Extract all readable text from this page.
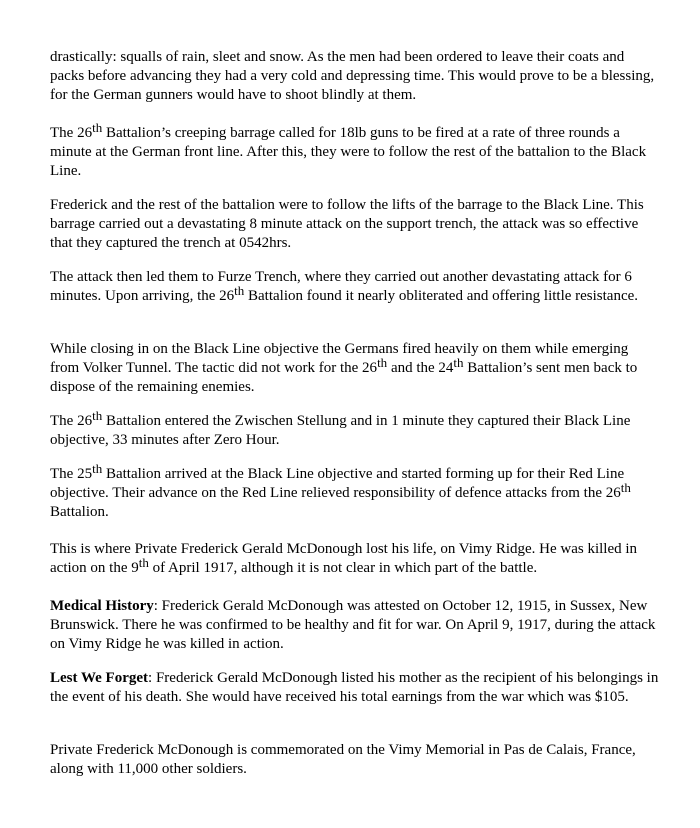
drastically: squalls of rain, sleet and snow. As the men had been ordered to leave their coats and packs before advancing they had a very cold and depressing time. This would prove to be a blessing, for the German gunners would have to shoot blindly at them.

The 26th Battalion’s creeping barrage called for 18lb guns to be fired at a rate of three rounds a minute at the German front line. After this, they were to follow the rest of the battalion to the Black Line.

Frederick and the rest of the battalion were to follow the lifts of the barrage to the Black Line. This barrage carried out a devastating 8 minute attack on the support trench, the attack was so effective that they captured the trench at 0542hrs.

The attack then led them to Furze Trench, where they carried out another devastating attack for 6 minutes. Upon arriving, the 26th Battalion found it nearly obliterated and offering little resistance.

While closing in on the Black Line objective the Germans fired heavily on them while emerging from Volker Tunnel. The tactic did not work for the 26th and the 24th Battalion’s sent men back to dispose of the remaining enemies.

The 26th Battalion entered the Zwischen Stellung and in 1 minute they captured their Black Line objective, 33 minutes after Zero Hour.

The 25th Battalion arrived at the Black Line objective and started forming up for their Red Line objective. Their advance on the Red Line relieved responsibility of defence attacks from the 26th Battalion.

This is where Private Frederick Gerald McDonough lost his life, on Vimy Ridge. He was killed in action on the 9th of April 1917, although it is not clear in which part of the battle.

Medical History: Frederick Gerald McDonough was attested on October 12, 1915, in Sussex, New Brunswick. There he was confirmed to be healthy and fit for war. On April 9, 1917, during the attack on Vimy Ridge he was killed in action.

Lest We Forget: Frederick Gerald McDonough listed his mother as the recipient of his belongings in the event of his death. She would have received his total earnings from the war which was $105.

Private Frederick McDonough is commemorated on the Vimy Memorial in Pas de Calais, France, along with 11,000 other soldiers.
